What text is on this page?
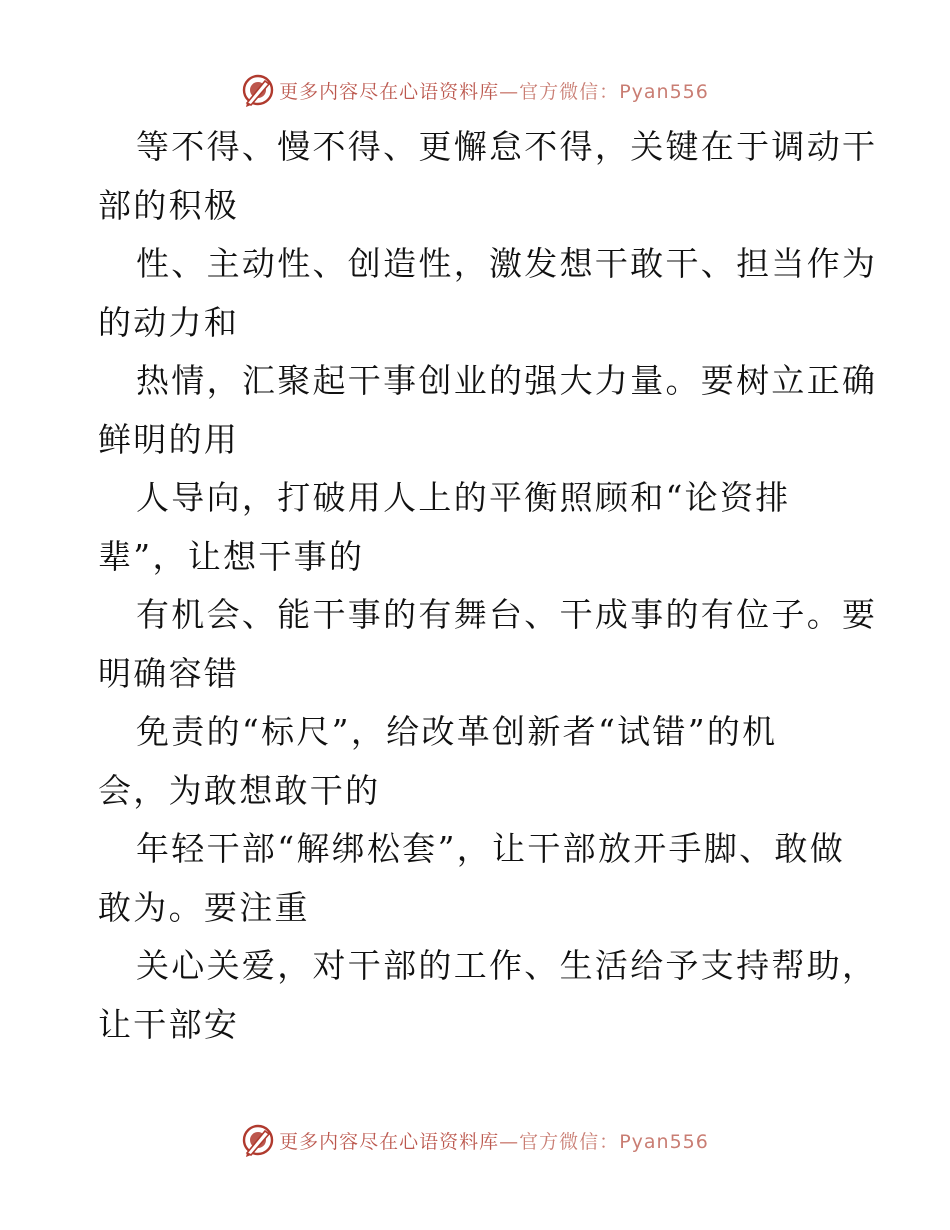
更多内容尽在心语资料库—官方微信：Pyan556
等不得、慢不得、更懈怠不得，关键在于调动干
部的积极
性、主动性、创造性，激发想干敢干、担当作为
的动力和
热情，汇聚起干事创业的强大力量。要树立正确
鲜明的用
人导向，打破用人上的平衡照顾和“论资排
辈”，让想干事的
有机会、能干事的有舞台、干成事的有位子。要
明确容错
免责的“标尺”，给改革创新者“试错”的机
会，为敢想敢干的
年轻干部“解绑松套”，让干部放开手脚、敢做
敢为。要注重
关心关爱，对干部的工作、生活给予支持帮助，
让干部安
更多内容尽在心语资料库—官方微信：Pyan556
